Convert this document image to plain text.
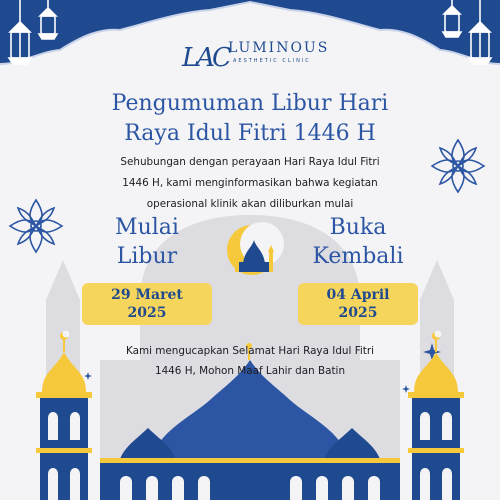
LAC LUMINOUS
AESTHETIC CLINIC
Pengumuman Libur Hari
Raya Idul Fitri 1446 H
Sehubungan dengan perayaan Hari Raya Idul Fitri
1446 H, kami menginformasikan bahwa kegiatan
operasional klinik akan diliburkan mulai
Mulai
Libur
Buka
Kembali
29 Maret
2025
04 April
2025
Kami mengucapkan Selamat Hari Raya Idul Fitri
1446 H, Mohon Maaf Lahir dan Batin
